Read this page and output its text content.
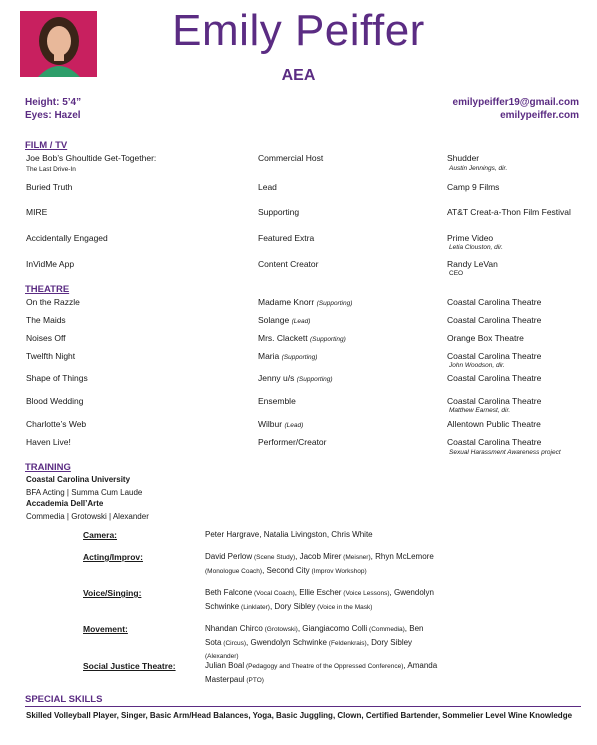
Emily Peiffer
AEA
Height: 5’4”
Eyes: Hazel
emilypeiffer19@gmail.com
emilypeiffer.com
FILM / TV
Joe Bob’s Ghoultide Get-Together:
The Last Drive-In
Commercial Host	Shudder
Austin Jennings, dir.
Buried Truth	Lead	Camp 9 Films
MIRE	Supporting	AT&T Creat-a-Thon Film Festival
Accidentally Engaged	Featured Extra	Prime Video
Letia Clouston, dir.
InVidMe App	Content Creator	Randy LeVan
CEO
THEATRE
On the Razzle	Madame Knorr (Supporting)	Coastal Carolina Theatre
The Maids	Solange (Lead)	Coastal Carolina Theatre
Noises Off	Mrs. Clackett (Supporting)	Orange Box Theatre
Twelfth Night	Maria (Supporting)	Coastal Carolina Theatre
John Woodson, dir.
Shape of Things	Jenny u/s (Supporting)	Coastal Carolina Theatre
Blood Wedding	Ensemble	Coastal Carolina Theatre
Matthew Earnest, dir.
Charlotte’s Web	Wilbur (Lead)	Allentown Public Theatre
Haven Live!	Performer/Creator	Coastal Carolina Theatre
Sexual Harassment Awareness project
TRAINING
Coastal Carolina University
BFA Acting | Summa Cum Laude
Accademia Dell’Arte
Commedia | Grotowski | Alexander
Camera:	Peter Hargrave, Natalia Livingston, Chris White
Acting/Improv:	David Perlow (Scene Study), Jacob Mirer (Meisner), Rhyn McLemore (Monologue Coach), Second City (Improv Workshop)
Voice/Singing:	Beth Falcone (Vocal Coach), Ellie Escher (Voice Lessons), Gwendolyn Schwinke (Linklater), Dory Sibley (Voice in the Mask)
Movement:	Nhandan Chirco (Grotowski), Giangiacomo Colli (Commedia), Ben Sota (Circus), Gwendolyn Schwinke (Feldenkrais), Dory Sibley (Alexander)
Social Justice Theatre:	Julian Boal (Pedagogy and Theatre of the Oppressed Conference), Amanda Masterpaul (PTO)
SPECIAL SKILLS
Skilled Volleyball Player, Singer, Basic Arm/Head Balances, Yoga, Basic Juggling, Clown, Certified Bartender, Sommelier Level Wine Knowledge
